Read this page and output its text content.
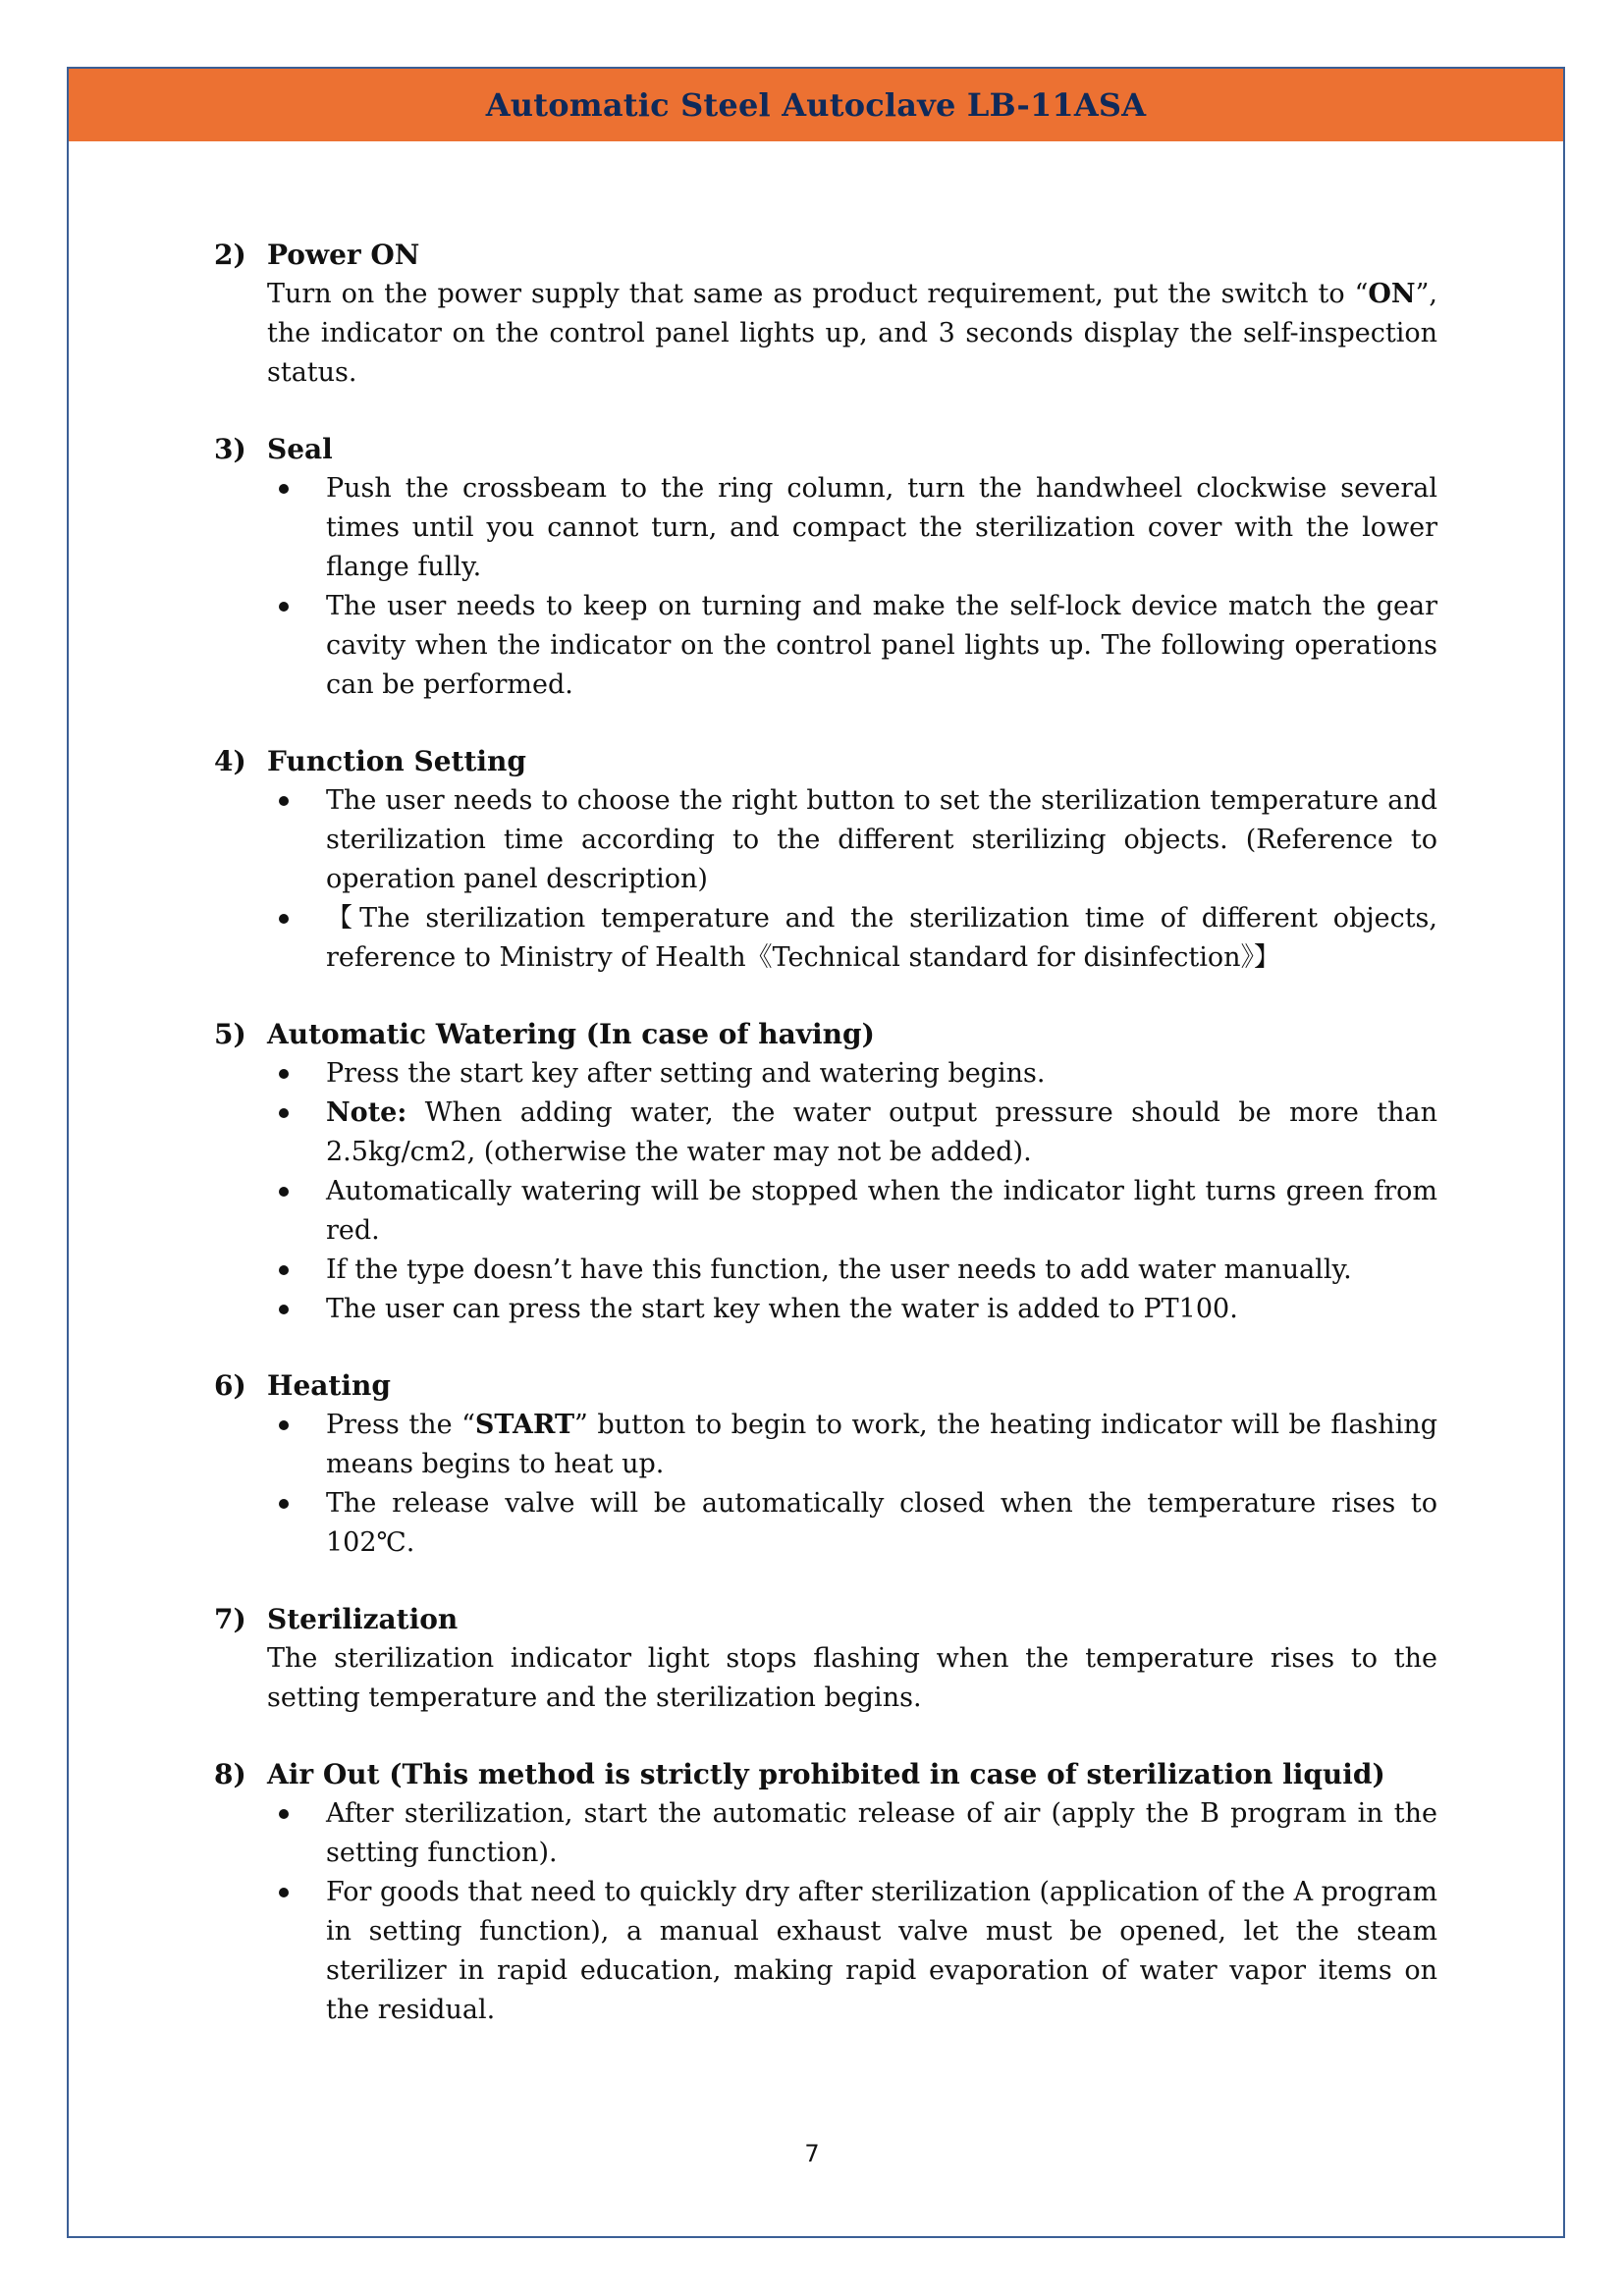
Automatic Steel Autoclave LB-11ASA
2) Power ON
Turn on the power supply that same as product requirement, put the switch to “ON”, the indicator on the control panel lights up, and 3 seconds display the self-inspection status.
3) Seal
Push the crossbeam to the ring column, turn the handwheel clockwise several times until you cannot turn, and compact the sterilization cover with the lower flange fully.
The user needs to keep on turning and make the self-lock device match the gear cavity when the indicator on the control panel lights up. The following operations can be performed.
4) Function Setting
The user needs to choose the right button to set the sterilization temperature and sterilization time according to the different sterilizing objects. (Reference to operation panel description)
【The sterilization temperature and the sterilization time of different objects, reference to Ministry of Health《Technical standard for disinfection》】
5) Automatic Watering (In case of having)
Press the start key after setting and watering begins.
Note: When adding water, the water output pressure should be more than 2.5kg/cm2, (otherwise the water may not be added).
Automatically watering will be stopped when the indicator light turns green from red.
If the type doesn’t have this function, the user needs to add water manually.
The user can press the start key when the water is added to PT100.
6) Heating
Press the “START” button to begin to work, the heating indicator will be flashing means begins to heat up.
The release valve will be automatically closed when the temperature rises to 102℃.
7) Sterilization
The sterilization indicator light stops flashing when the temperature rises to the setting temperature and the sterilization begins.
8) Air Out (This method is strictly prohibited in case of sterilization liquid)
After sterilization, start the automatic release of air (apply the B program in the setting function).
For goods that need to quickly dry after sterilization (application of the A program in setting function), a manual exhaust valve must be opened, let the steam sterilizer in rapid education, making rapid evaporation of water vapor items on the residual.
7
